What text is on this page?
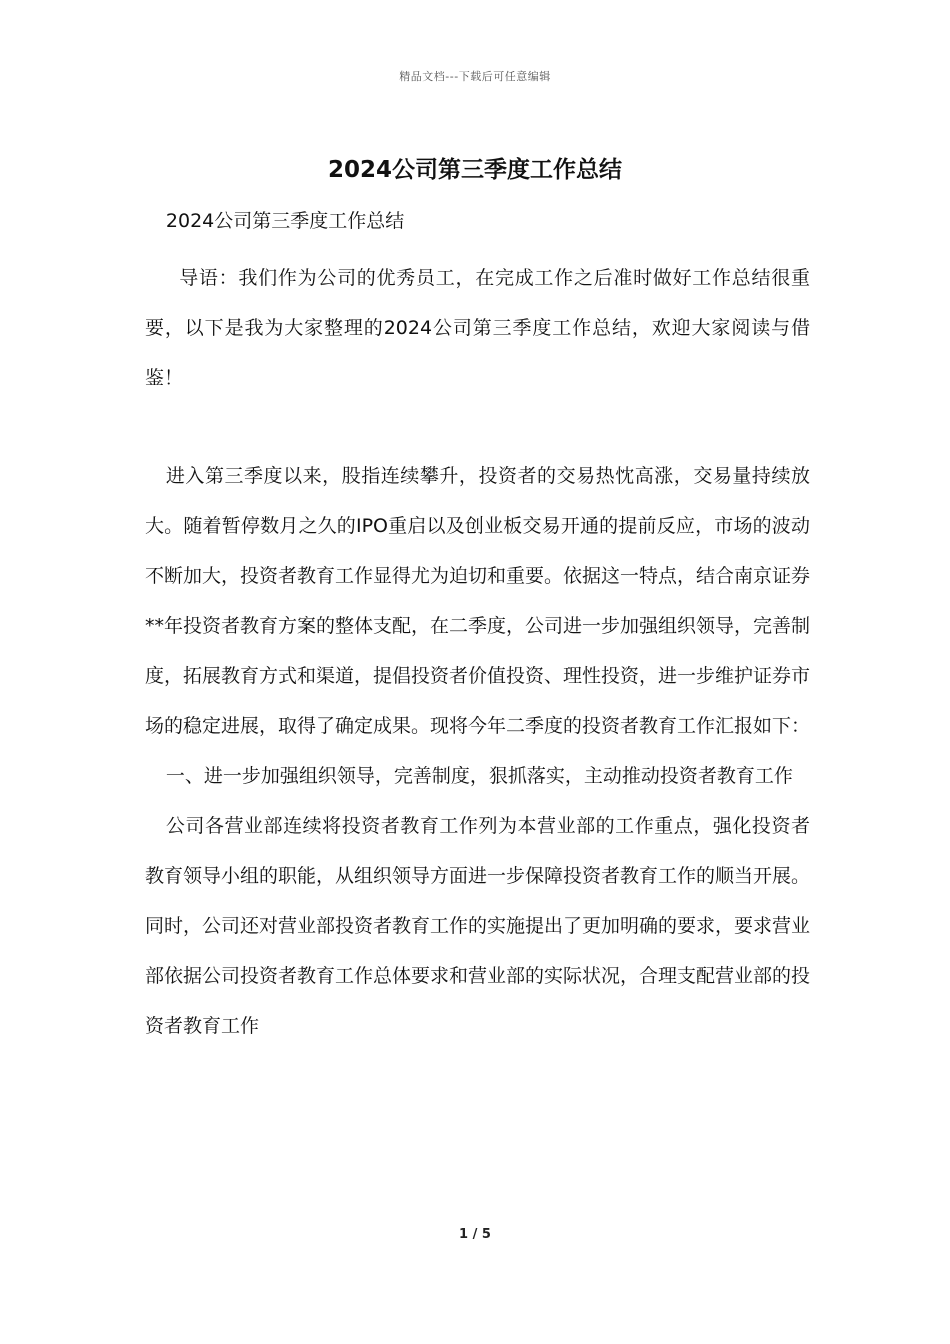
精品文档---下载后可任意编辑
2024公司第三季度工作总结

2024公司第三季度工作总结

导语：我们作为公司的优秀员工，在完成工作之后准时做好工作总结很重要，以下是我为大家整理的2024公司第三季度工作总结，欢迎大家阅读与借鉴！

进入第三季度以来，股指连续攀升，投资者的交易热忱高涨，交易量持续放大。随着暂停数月之久的IPO重启以及创业板交易开通的提前反应，市场的波动不断加大，投资者教育工作显得尤为迫切和重要。依据这一特点，结合南京证券**年投资者教育方案的整体支配，在二季度，公司进一步加强组织领导，完善制度，拓展教育方式和渠道，提倡投资者价值投资、理性投资，进一步维护证券市场的稳定进展，取得了确定成果。现将今年二季度的投资者教育工作汇报如下：

一、进一步加强组织领导，完善制度，狠抓落实，主动推动投资者教育工作

公司各营业部连续将投资者教育工作列为本营业部的工作重点，强化投资者教育领导小组的职能，从组织领导方面进一步保障投资者教育工作的顺当开展。同时，公司还对营业部投资者教育工作的实施提出了更加明确的要求，要求营业部依据公司投资者教育工作总体要求和营业部的实际状况，合理支配营业部的投资者教育工作

1 / 5
